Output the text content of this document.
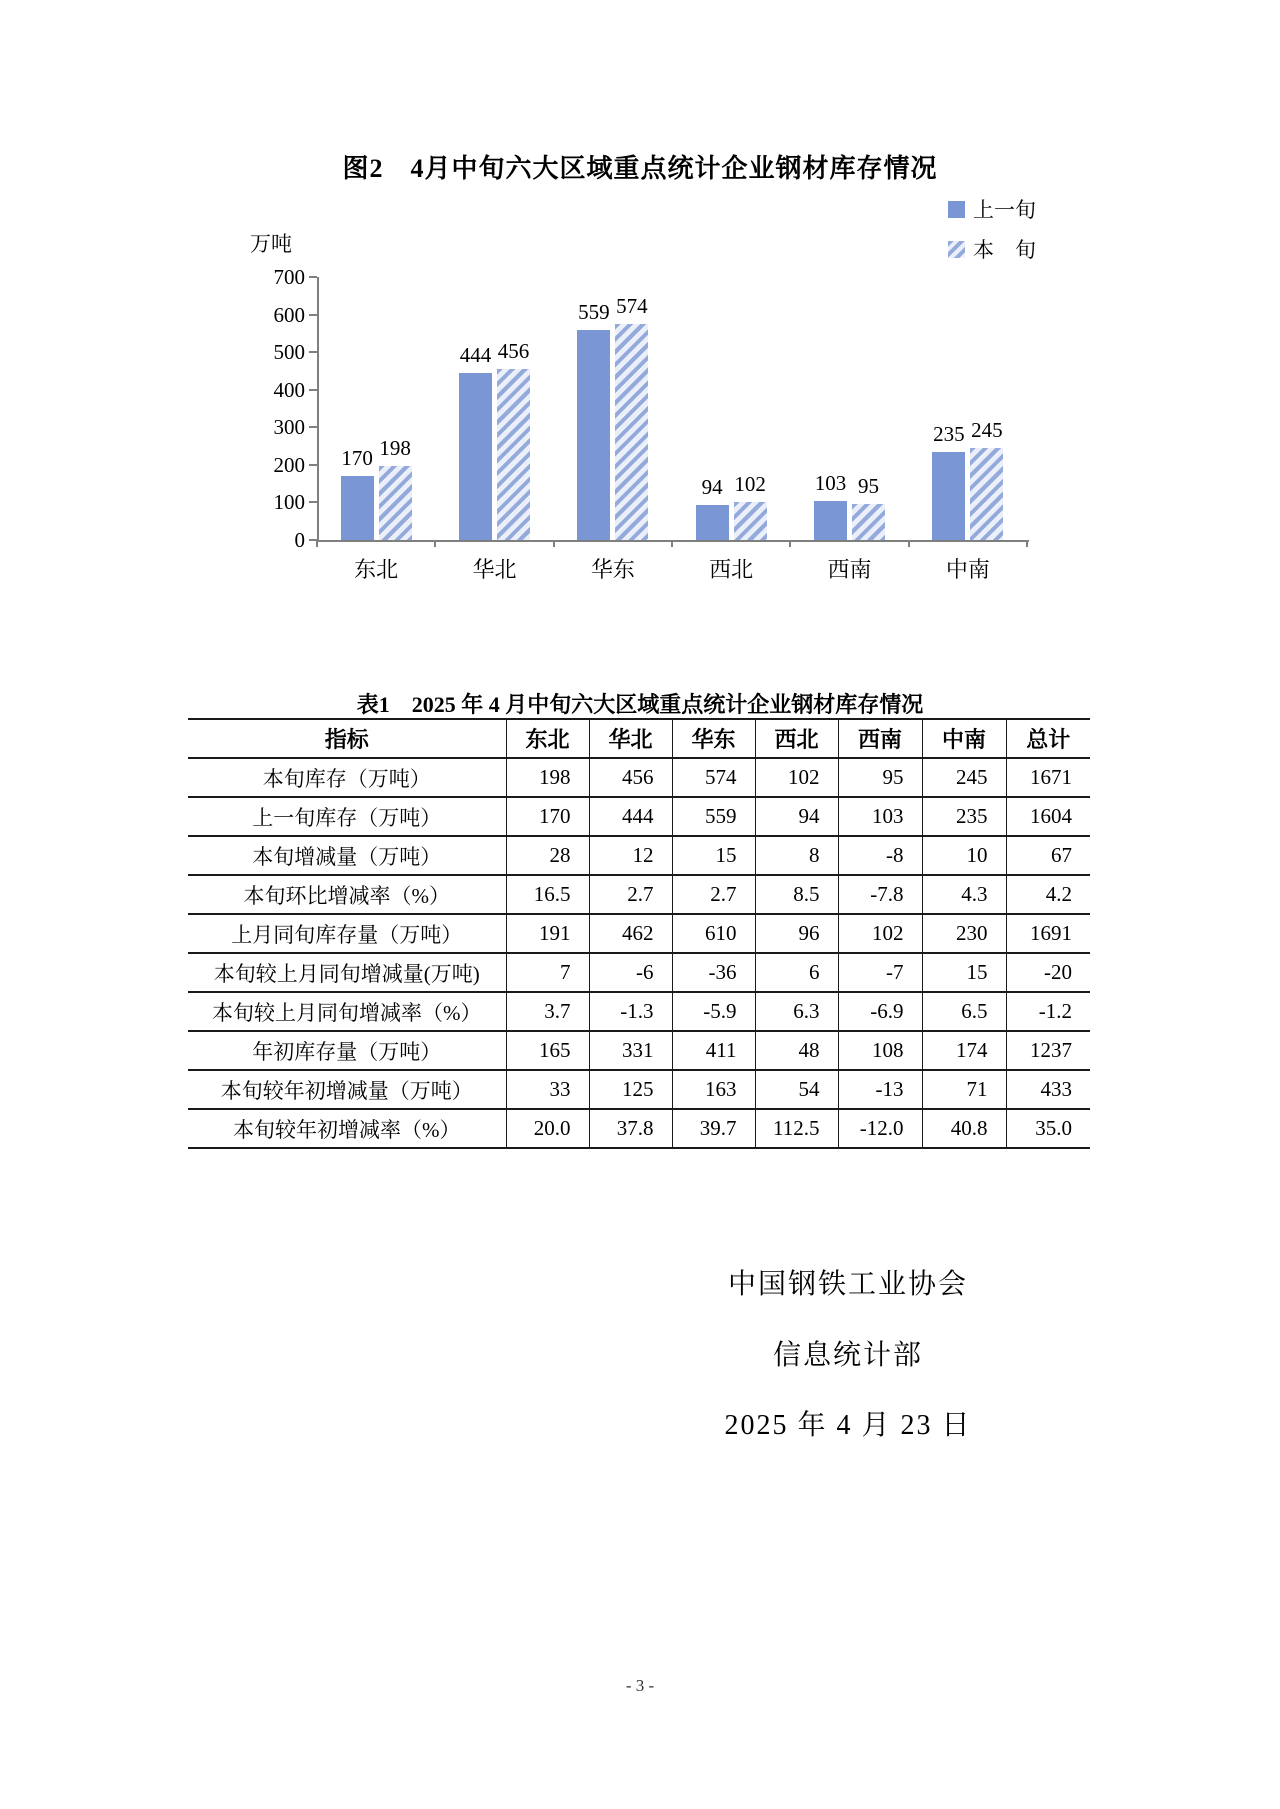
图2　4月中旬六大区域重点统计企业钢材库存情况
万吨
上一旬
本　旬
0
100
200
300
400
500
600
700
170 198
东北
444 456
华北
559 574
华东
94 102
西北
103 95
西南
235 245
中南
表1　2025 年 4 月中旬六大区域重点统计企业钢材库存情况
指标	东北	华北	华东	西北	西南	中南	总计
本旬库存（万吨）	198	456	574	102	95	245	1671
上一旬库存（万吨）	170	444	559	94	103	235	1604
本旬增减量（万吨）	28	12	15	8	-8	10	67
本旬环比增减率（%）	16.5	2.7	2.7	8.5	-7.8	4.3	4.2
上月同旬库存量（万吨）	191	462	610	96	102	230	1691
本旬较上月同旬增减量(万吨)	7	-6	-36	6	-7	15	-20
本旬较上月同旬增减率（%）	3.7	-1.3	-5.9	6.3	-6.9	6.5	-1.2
年初库存量（万吨）	165	331	411	48	108	174	1237
本旬较年初增减量（万吨）	33	125	163	54	-13	71	433
本旬较年初增减率（%）	20.0	37.8	39.7	112.5	-12.0	40.8	35.0
中国钢铁工业协会
信息统计部
2025 年 4 月 23 日
- 3 -
